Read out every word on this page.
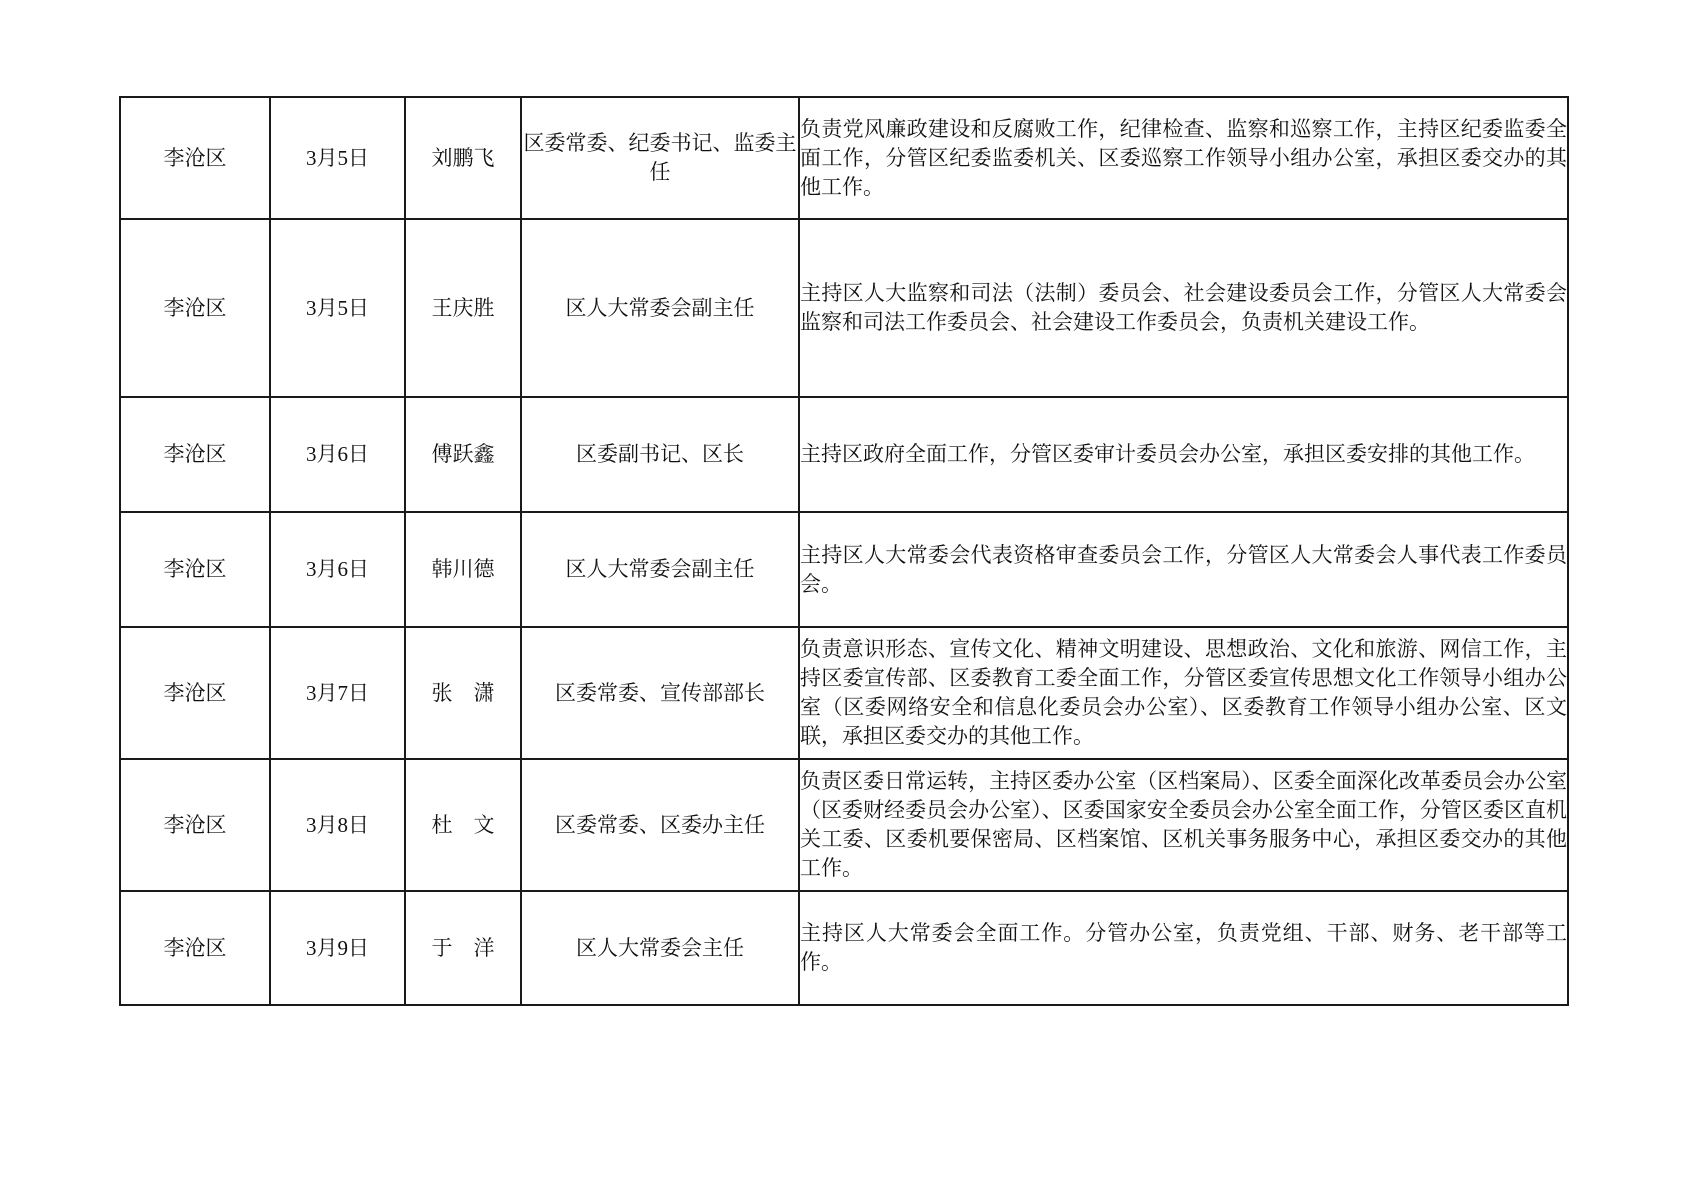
李沧区	3月5日	刘鹏飞	区委常委、纪委书记、监委主任	负责党风廉政建设和反腐败工作，纪律检查、监察和巡察工作，主持区纪委监委全面工作，分管区纪委监委机关、区委巡察工作领导小组办公室，承担区委交办的其他工作。
李沧区	3月5日	王庆胜	区人大常委会副主任	主持区人大监察和司法（法制）委员会、社会建设委员会工作，分管区人大常委会监察和司法工作委员会、社会建设工作委员会，负责机关建设工作。
李沧区	3月6日	傅跃鑫	区委副书记、区长	主持区政府全面工作，分管区委审计委员会办公室，承担区委安排的其他工作。
李沧区	3月6日	韩川德	区人大常委会副主任	主持区人大常委会代表资格审查委员会工作，分管区人大常委会人事代表工作委员会。
李沧区	3月7日	张　潇	区委常委、宣传部部长	负责意识形态、宣传文化、精神文明建设、思想政治、文化和旅游、网信工作，主持区委宣传部、区委教育工委全面工作，分管区委宣传思想文化工作领导小组办公室（区委网络安全和信息化委员会办公室）、区委教育工作领导小组办公室、区文联，承担区委交办的其他工作。
李沧区	3月8日	杜　文	区委常委、区委办主任	负责区委日常运转，主持区委办公室（区档案局）、区委全面深化改革委员会办公室（区委财经委员会办公室）、区委国家安全委员会办公室全面工作，分管区委区直机关工委、区委机要保密局、区档案馆、区机关事务服务中心，承担区委交办的其他工作。
李沧区	3月9日	于　洋	区人大常委会主任	主持区人大常委会全面工作。分管办公室，负责党组、干部、财务、老干部等工作。
